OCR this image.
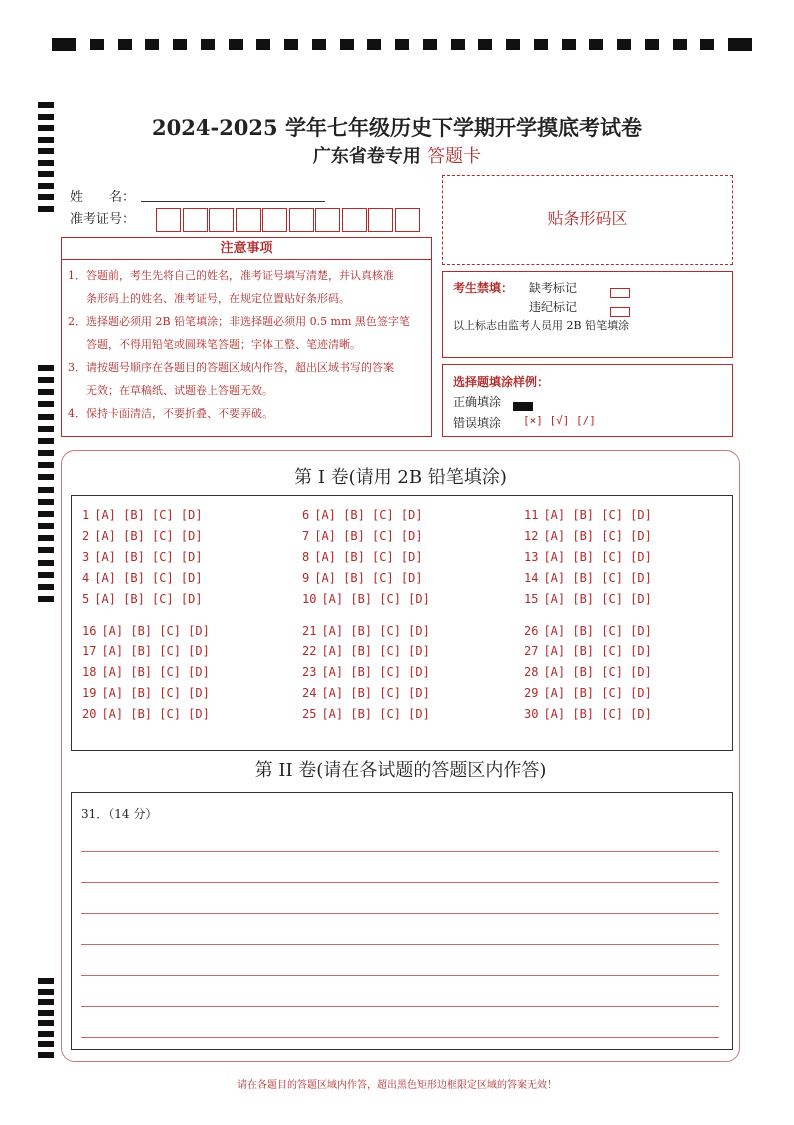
2024-2025 学年七年级历史下学期开学摸底考试卷
广东省卷专用 答题卡
姓　　名：
准考证号：	贴条形码区
注意事项
1．答题前，考生先将自己的姓名，准考证号填写清楚，并认真核准
条形码上的姓名、准考证号，在规定位置贴好条形码。
2．选择题必须用 2B 铅笔填涂；非选择题必须用 0.5 mm 黑色签字笔
答题，不得用铅笔或圆珠笔答题；字体工整、笔迹清晰。
3．请按题号顺序在各题目的答题区域内作答，超出区域书写的答案
无效；在草稿纸、试题卷上答题无效。
4．保持卡面清洁，不要折叠、不要弄破。
考生禁填： 缺考标记
违纪标记
以上标志由监考人员用 2B 铅笔填涂
选择题填涂样例：
正确填涂
错误填涂 [×] [√] [/]
第 I 卷(请用 2B 铅笔填涂)
1 [A] [B] [C] [D]
2 [A] [B] [C] [D]
3 [A] [B] [C] [D]
4 [A] [B] [C] [D]
5 [A] [B] [C] [D]
6 [A] [B] [C] [D]
7 [A] [B] [C] [D]
8 [A] [B] [C] [D]
9 [A] [B] [C] [D]
10 [A] [B] [C] [D]
11 [A] [B] [C] [D]
12 [A] [B] [C] [D]
13 [A] [B] [C] [D]
14 [A] [B] [C] [D]
15 [A] [B] [C] [D]
16 [A] [B] [C] [D]
17 [A] [B] [C] [D]
18 [A] [B] [C] [D]
19 [A] [B] [C] [D]
20 [A] [B] [C] [D]
21 [A] [B] [C] [D]
22 [A] [B] [C] [D]
23 [A] [B] [C] [D]
24 [A] [B] [C] [D]
25 [A] [B] [C] [D]
26 [A] [B] [C] [D]
27 [A] [B] [C] [D]
28 [A] [B] [C] [D]
29 [A] [B] [C] [D]
30 [A] [B] [C] [D]
第 II 卷(请在各试题的答题区内作答)
31．（14 分）
请在各题目的答题区域内作答，超出黑色矩形边框限定区域的答案无效！
